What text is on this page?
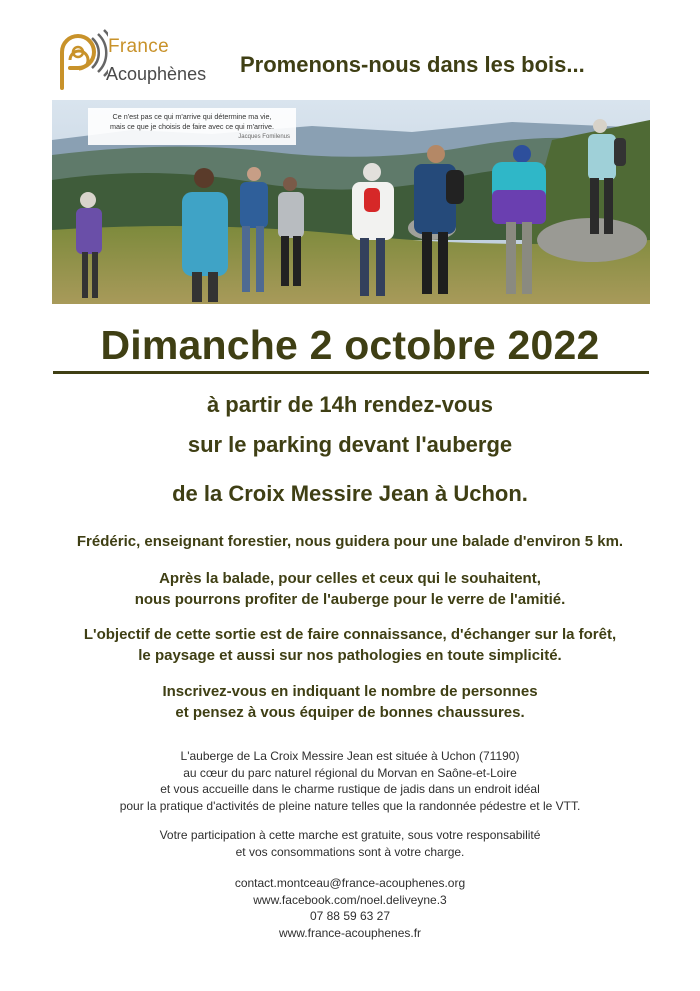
France
Acouphènes Promenons-nous dans les bois...
Ce n'est pas ce qui m'arrive qui détermine ma vie,
mais ce que je choisis de faire avec ce qui m'arrive.
Jacques Fomilenus
Dimanche 2 octobre 2022
à partir de 14h rendez-vous
sur le parking devant l'auberge
de la Croix Messire Jean à Uchon.
Frédéric, enseignant forestier, nous guidera pour une balade d'environ 5 km.
Après la balade, pour celles et ceux qui le souhaitent,
nous pourrons profiter de l'auberge pour le verre de l'amitié.
L'objectif de cette sortie est de faire connaissance, d'échanger sur la forêt,
le paysage et aussi sur nos pathologies en toute simplicité.
Inscrivez-vous en indiquant le nombre de personnes
et pensez à vous équiper de bonnes chaussures.
L'auberge de La Croix Messire Jean est située à Uchon (71190)
au cœur du parc naturel régional du Morvan en Saône-et-Loire
et vous accueille dans le charme rustique de jadis dans un endroit idéal
pour la pratique d'activités de pleine nature telles que la randonnée pédestre et le VTT.
Votre participation à cette marche est gratuite, sous votre responsabilité
et vos consommations sont à votre charge.
contact.montceau@france-acouphenes.org
www.facebook.com/noel.deliveyne.3
07 88 59 63 27
www.france-acouphenes.fr
